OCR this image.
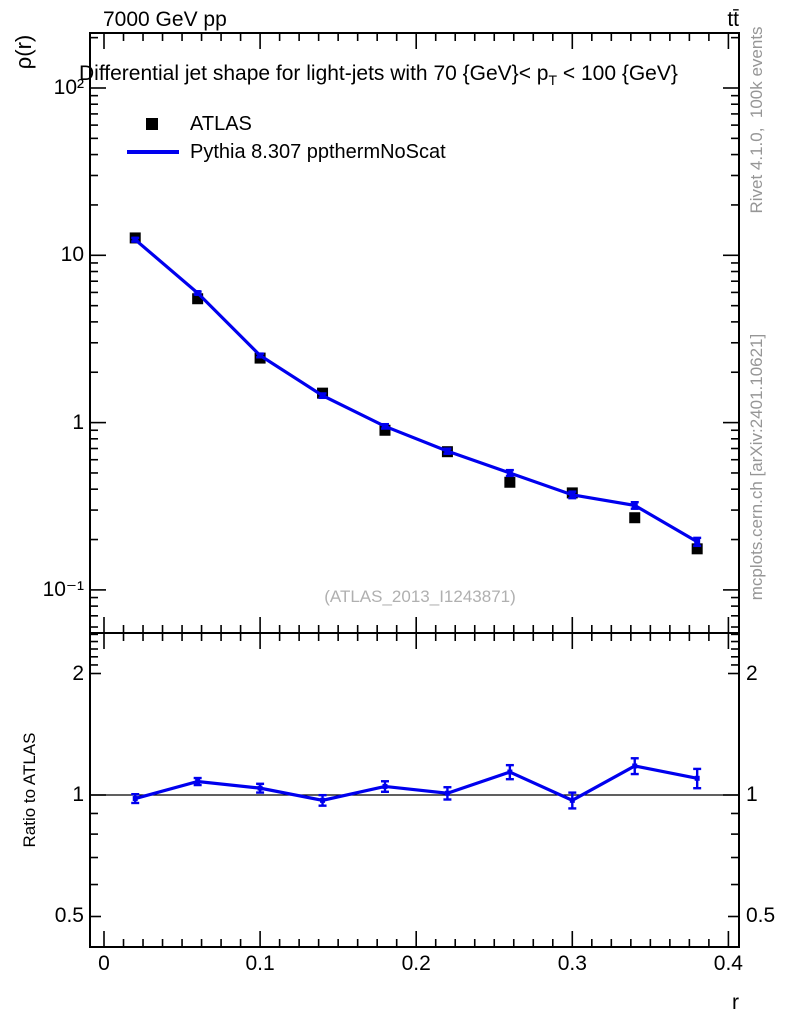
7000 GeV pp	tt̄
ρ(r)
Differential jet shape for light-jets with 70 $\{GeV\}< p_T < 100$ {GeV}
ATLAS
Pythia 8.307 ppthermNoScat
(ATLAS_2013_I1243871)
Rivet 4.1.0,  100k events
mcplots.cern.ch [arXiv:2401.10621]
Ratio to ATLAS
r
10²
10
1
10⁻¹
2	2
1	1
0.5	0.5
0	0.1	0.2	0.3	0.4
